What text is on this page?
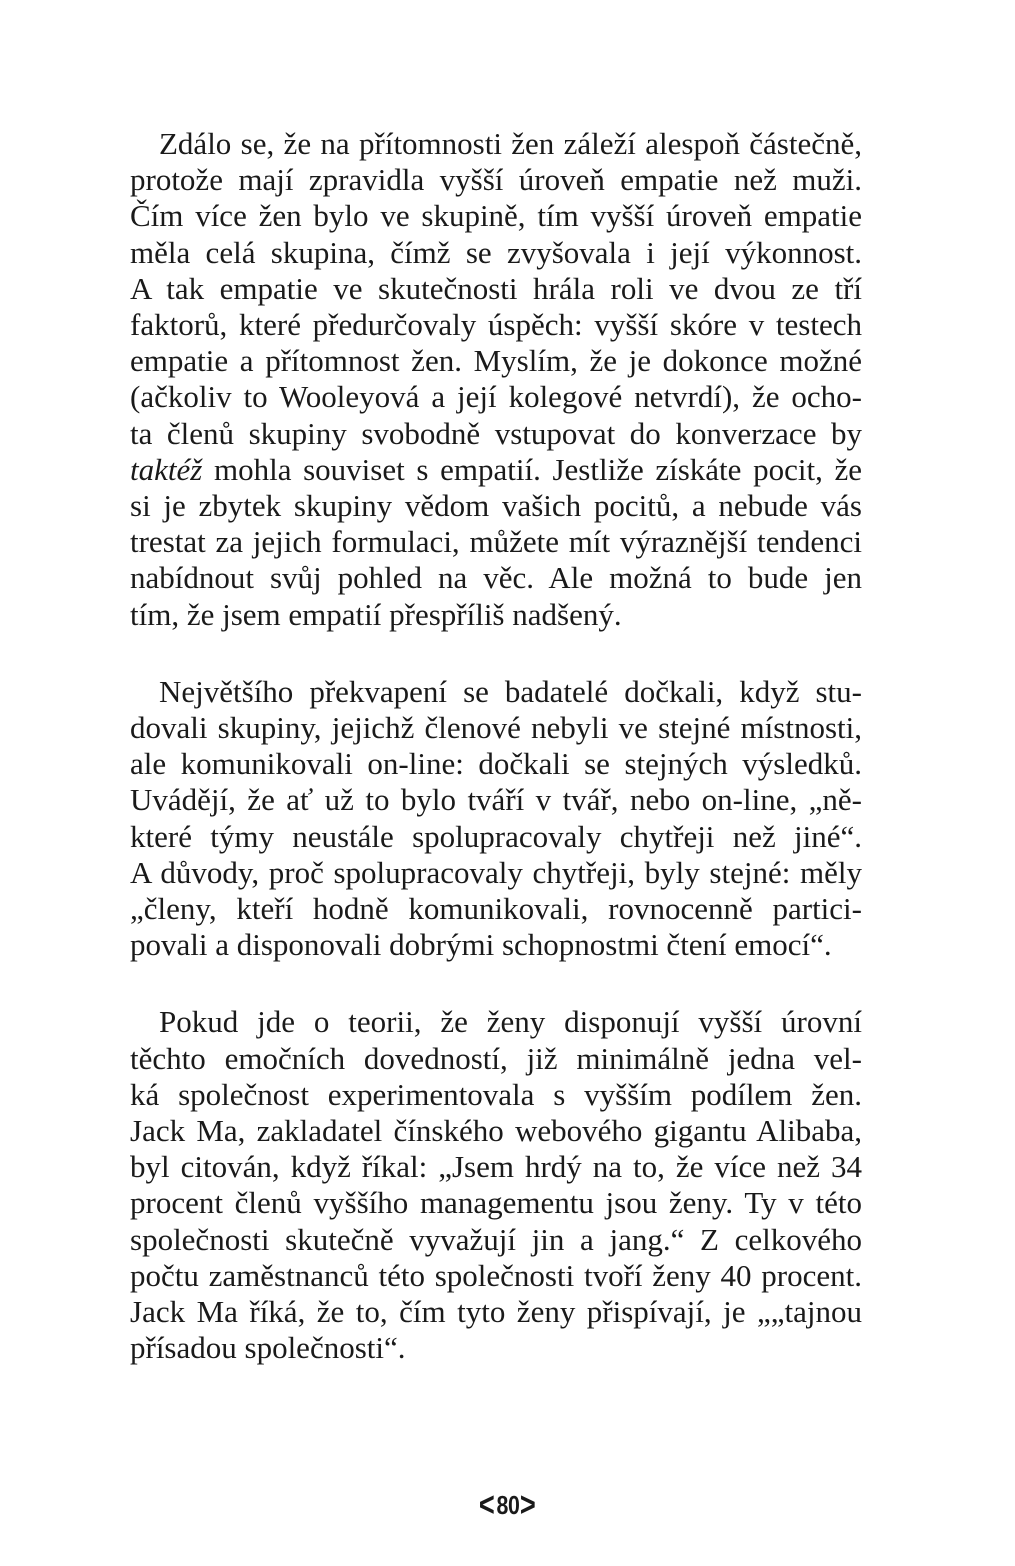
Zdálo se, že na přítomnosti žen záleží alespoň částečně,
protože mají zpravidla vyšší úroveň empatie než muži.
Čím více žen bylo ve skupině, tím vyšší úroveň empatie
měla celá skupina, čímž se zvyšovala i její výkonnost.
A tak empatie ve skutečnosti hrála roli ve dvou ze tří
faktorů, které předurčovaly úspěch: vyšší skóre v testech
empatie a přítomnost žen. Myslím, že je dokonce možné
(ačkoliv to Wooleyová a její kolegové netvrdí), že ocho-
ta členů skupiny svobodně vstupovat do konverzace by
taktéž mohla souviset s empatií. Jestliže získáte pocit, že
si je zbytek skupiny vědom vašich pocitů, a nebude vás
trestat za jejich formulaci, můžete mít výraznější tendenci
nabídnout svůj pohled na věc. Ale možná to bude jen
tím, že jsem empatií přespříliš nadšený.

Největšího překvapení se badatelé dočkali, když stu-
dovali skupiny, jejichž členové nebyli ve stejné místnosti,
ale komunikovali on-line: dočkali se stejných výsledků.
Uvádějí, že ať už to bylo tváří v tvář, nebo on-line, „ně-
které týmy neustále spolupracovaly chytřeji než jiné“.
A důvody, proč spolupracovaly chytřeji, byly stejné: měly
„členy, kteří hodně komunikovali, rovnocenně partici-
povali a disponovali dobrými schopnostmi čtení emocí“.

Pokud jde o teorii, že ženy disponují vyšší úrovní
těchto emočních dovedností, již minimálně jedna vel-
ká společnost experimentovala s vyšším podílem žen.
Jack Ma, zakladatel čínského webového gigantu Alibaba,
byl citován, když říkal: „Jsem hrdý na to, že více než 34
procent členů vyššího managementu jsou ženy. Ty v této
společnosti skutečně vyvažují jin a jang.“ Z celkového
počtu zaměstnanců této společnosti tvoří ženy 40 procent.
Jack Ma říká, že to, čím tyto ženy přispívají, je „„tajnou
přísadou společnosti“.

<80>
